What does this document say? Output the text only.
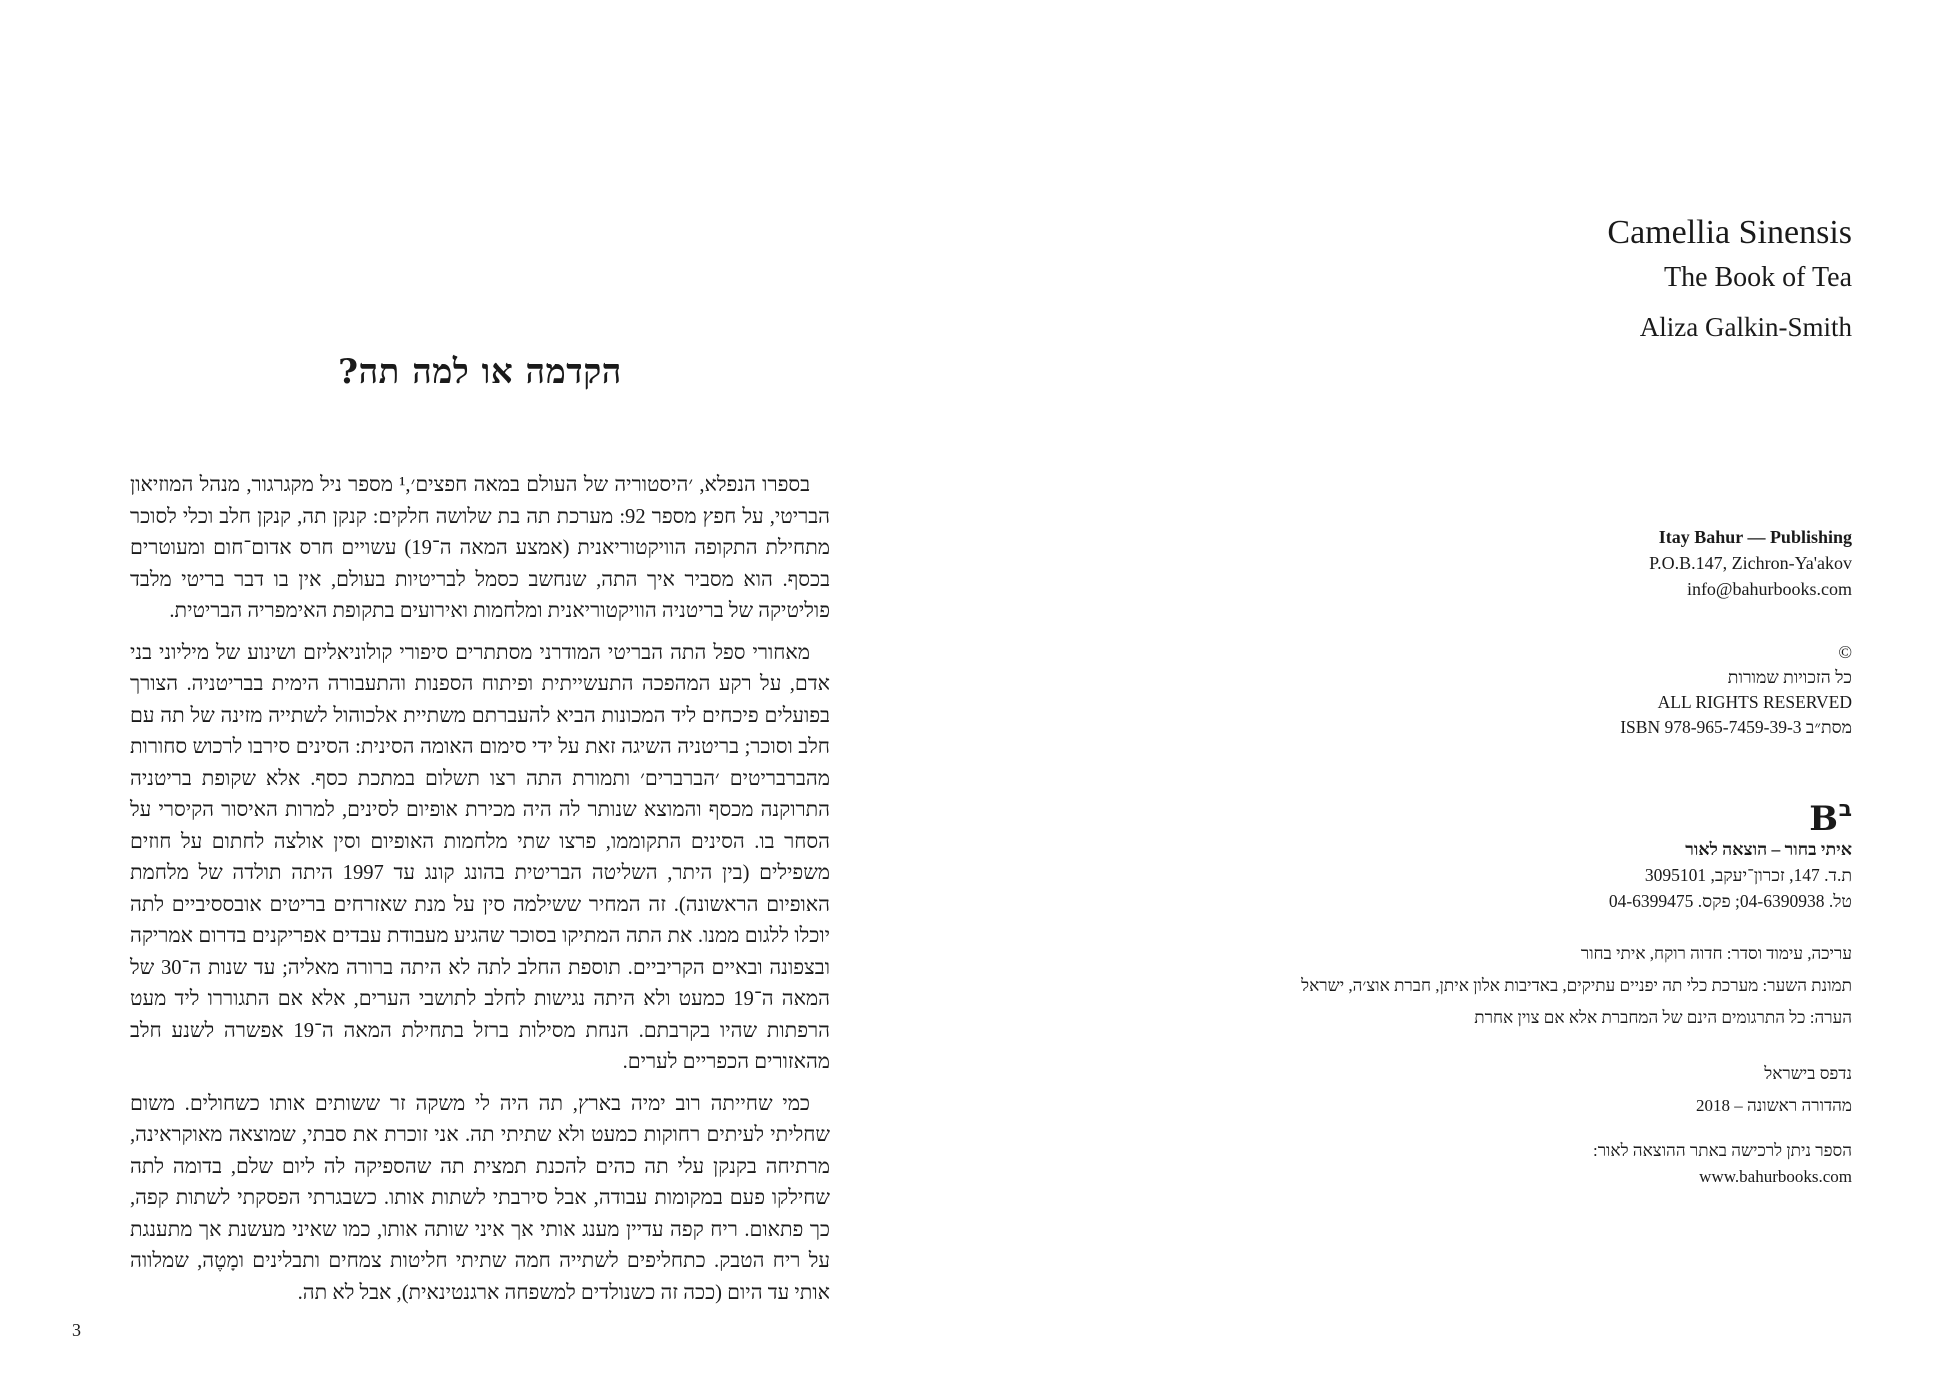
הקדמה או למה תה?

בספרו הנפלא, ׳היסטוריה של העולם במאה חפצים׳,¹ מספר ניל מקגרגור, מנהל המוזיאון הבריטי, על חפץ מספר 92: מערכת תה בת שלושה חלקים: קנקן תה, קנקן חלב וכלי לסוכר מתחילת התקופה הוויקטוריאנית (אמצע המאה ה־19) עשויים חרס אדום־חום ומעוטרים בכסף. הוא מסביר איך התה, שנחשב כסמל לבריטיות בעולם, אין בו דבר בריטי מלבד פוליטיקה של בריטניה הוויקטוריאנית ומלחמות ואירועים בתקופת האימפריה הבריטית.

מאחורי ספל התה הבריטי המודרני מסתתרים סיפורי קולוניאליזם ושינוע של מיליוני בני אדם, על רקע המהפכה התעשייתית ופיתוח הספנות והתעבורה הימית בבריטניה. הצורך בפועלים פיכחים ליד המכונות הביא להעברתם משתיית אלכוהול לשתייה מזינה של תה עם חלב וסוכר; בריטניה השיגה זאת על ידי סימום האומה הסינית: הסינים סירבו לרכוש סחורות מהברבריטים ׳הברברים׳ ותמורת התה רצו תשלום במתכת כסף. אלא שקופת בריטניה התרוקנה מכסף והמוצא שנותר לה היה מכירת אופיום לסינים, למרות האיסור הקיסרי על הסחר בו. הסינים התקוממו, פרצו שתי מלחמות האופיום וסין אולצה לחתום על חוזים משפילים (בין היתר, השליטה הבריטית בהונג קונג עד 1997 היתה תולדה של מלחמת האופיום הראשונה). זה המחיר ששילמה סין על מנת שאזרחים בריטים אובססיביים לתה יוכלו ללגום ממנו. את התה המתיקו בסוכר שהגיע מעבודת עבדים אפריקנים בדרום אמריקה ובצפונה ובאיים הקריביים. תוספת החלב לתה לא היתה ברורה מאליה; עד שנות ה־30 של המאה ה־19 כמעט ולא היתה נגישות לחלב לתושבי הערים, אלא אם התגוררו ליד מעט הרפתות שהיו בקרבתם. הנחת מסילות ברזל בתחילת המאה ה־19 אפשרה לשנע חלב מהאזורים הכפריים לערים.

כמי שחייתה רוב ימיה בארץ, תה היה לי משקה זר ששותים אותו כשחולים. משום שחליתי לעיתים רחוקות כמעט ולא שתיתי תה. אני זוכרת את סבתי, שמוצאה מאוקראינה, מרתיחה בקנקן עלי תה כהים להכנת תמצית תה שהספיקה לה ליום שלם, בדומה לתה שחילקו פעם במקומות עבודה, אבל סירבתי לשתות אותו. כשבגרתי הפסקתי לשתות קפה, כך פתאום. ריח קפה עדיין מענג אותי אך איני שותה אותו, כמו שאיני מעשנת אך מתענגת על ריח הטבק. כתחליפים לשתייה חמה שתיתי חליטות צמחים ותבלינים ומָטֶה, שמלווה אותי עד היום (ככה זה כשנולדים למשפחה ארגנטינאית), אבל לא תה.

3
Camellia Sinensis
The Book of Tea
Aliza Galkin-Smith
Itay Bahur — Publishing
P.O.B.147, Zichron-Ya'akov
info@bahurbooks.com
©
כל הזכויות שמורות
ALL RIGHTS RESERVED
ISBN 978-965-7459-39-3 מסת״ב
B ב
איתי בחור – הוצאה לאור
ת.ד. 147, זכרון־יעקב, 3095101
טל. 04-6390938; פקס. 04-6399475
עריכה, עימוד וסדר: חדוה רוקח, איתי בחור
תמונת השער: מערכת כלי תה יפניים עתיקים, באדיבות אלון איתן, חברת אוצ׳ה, ישראל
הערה: כל התרגומים הינם של המחברת אלא אם צוין אחרת
נדפס בישראל
מהדורה ראשונה – 2018
הספר ניתן לרכישה באתר ההוצאה לאור:
www.bahurbooks.com
